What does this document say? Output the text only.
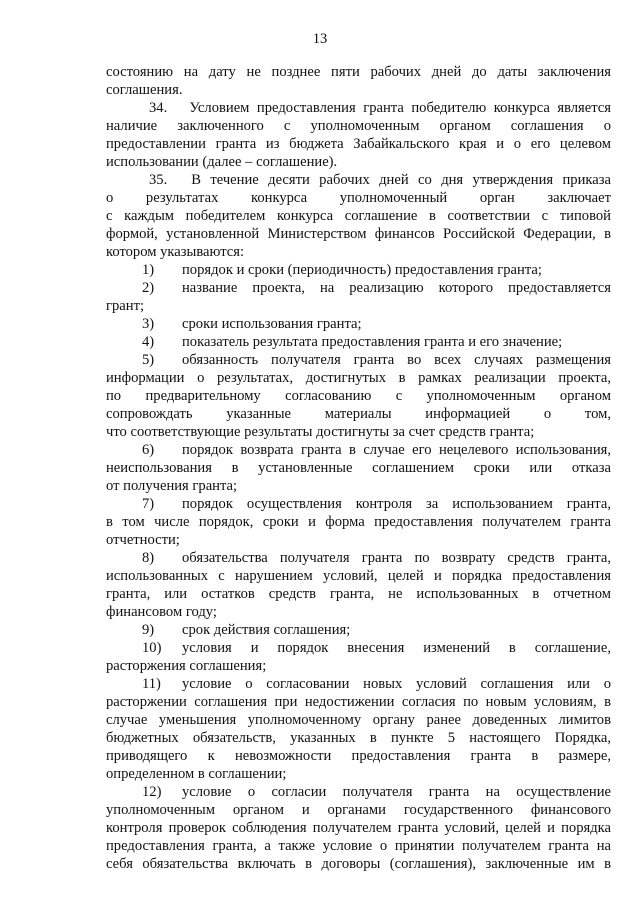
13
состоянию на дату не позднее пяти рабочих дней до даты заключения
соглашения.
34.  Условием предоставления гранта победителю конкурса является
наличие заключенного с уполномоченным органом соглашения о
предоставлении гранта из бюджета Забайкальского края и о его целевом
использовании (далее – соглашение).
35.  В течение десяти рабочих дней со дня утверждения приказа
о результатах конкурса уполномоченный орган заключает
с каждым победителем конкурса соглашение в соответствии с типовой
формой, установленной Министерством финансов Российской Федерации, в
котором указываются:
1) порядок и сроки (периодичность) предоставления гранта;
2) название проекта, на реализацию которого предоставляется
грант;
3) сроки использования гранта;
4) показатель результата предоставления гранта и его значение;
5) обязанность получателя гранта во всех случаях размещения
информации о результатах, достигнутых в рамках реализации проекта,
по предварительному согласованию с уполномоченным органом
сопровождать указанные материалы информацией о том,
что соответствующие результаты достигнуты за счет средств гранта;
6) порядок возврата гранта в случае его нецелевого использования,
неиспользования в установленные соглашением сроки или отказа
от получения гранта;
7) порядок осуществления контроля за использованием гранта,
в том числе порядок, сроки и форма предоставления получателем гранта
отчетности;
8) обязательства получателя гранта по возврату средств гранта,
использованных с нарушением условий, целей и порядка предоставления
гранта, или остатков средств гранта, не использованных в отчетном
финансовом году;
9) срок действия соглашения;
10) условия и порядок внесения изменений в соглашение,
расторжения соглашения;
11) условие о согласовании новых условий соглашения или о
расторжении соглашения при недостижении согласия по новым условиям, в
случае уменьшения уполномоченному органу ранее доведенных лимитов
бюджетных обязательств, указанных в пункте 5 настоящего Порядка,
приводящего к невозможности предоставления гранта в размере,
определенном в соглашении;
12) условие о согласии получателя гранта на осуществление
уполномоченным органом и органами государственного финансового
контроля проверок соблюдения получателем гранта условий, целей и порядка
предоставления гранта, а также условие о принятии получателем гранта на
себя обязательства включать в договоры (соглашения), заключенные им в
